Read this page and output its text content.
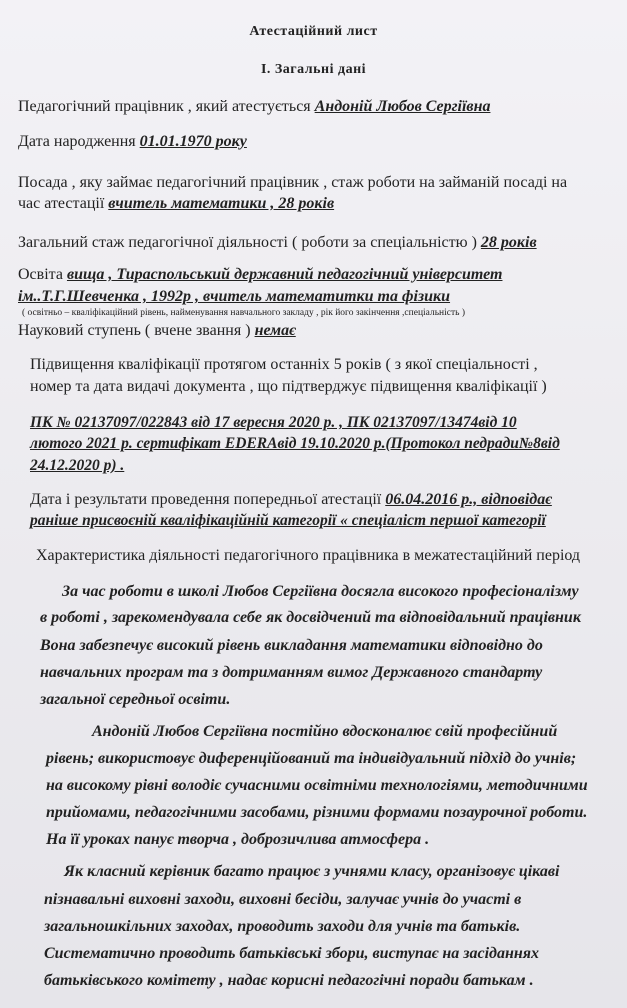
Атестаційний лист
І. Загальні дані
Педагогічний працівник , який атестується Андоній Любов Сергіївна
Дата народження 01.01.1970 року
Посада , яку займає педагогічний працівник , стаж роботи на займаній посаді на
час атестації вчитель математики , 28 років
Загальний стаж педагогічної діяльності ( роботи за спеціальністю ) 28 років
Освіта вища , Тираспольський державний педагогічний університет
ім..Т.Г.Шевченка , 1992р , вчитель математитки та фізики
( освітньо – кваліфікаційний рівень, найменування навчального закладу , рік його закінчення ,спеціальність )
Науковий ступень ( вчене звання ) немає
Підвищення кваліфікації протягом останніх 5 років ( з якої спеціальності ,
номер та дата видачі документа , що підтверджує підвищення кваліфікації )
ПК № 02137097/022843 від 17 вересня 2020 р. , ПК 02137097/13474від 10
лютого 2021 р. сертифікат EDERAвід 19.10.2020 р.(Протокол педради№8від
24.12.2020 р) .
Дата і результати проведення попередньої атестації 06.04.2016 р., відповідає
раніше присвоєній кваліфікаційній категорії « спеціаліст першої категорії
Характеристика діяльності педагогічного працівника в межатестаційний період
За час роботи в школі Любов Сергіївна досягла високого професіоналізму
в роботі , зарекомендувала себе як досвідчений та відповідальний працівник
Вона забезпечує високий рівень викладання математики відповідно до
навчальних програм та з дотриманням вимог Державного стандарту
загальної середньої освіти.
Андоній Любов Сергіївна постійно вдосконалює свій професійний
рівень; використовує диференційований та індивідуальний підхід до учнів;
на високому рівні володіє сучасними освітніми технологіями, методичними
прийомами, педагогічними засобами, різними формами позаурочної роботи.
На її уроках панує творча , доброзичлива атмосфера .
Як класний керівник багато працює з учнями класу, організовує цікаві
пізнавальні виховні заходи, виховні бесіди, залучає учнів до участі в
загальношкільних заходах, проводить заходи для учнів та батьків.
Систематично проводить батьківські збори, виступає на засіданнях
батьківського комітету , надає корисні педагогічні поради батькам .
